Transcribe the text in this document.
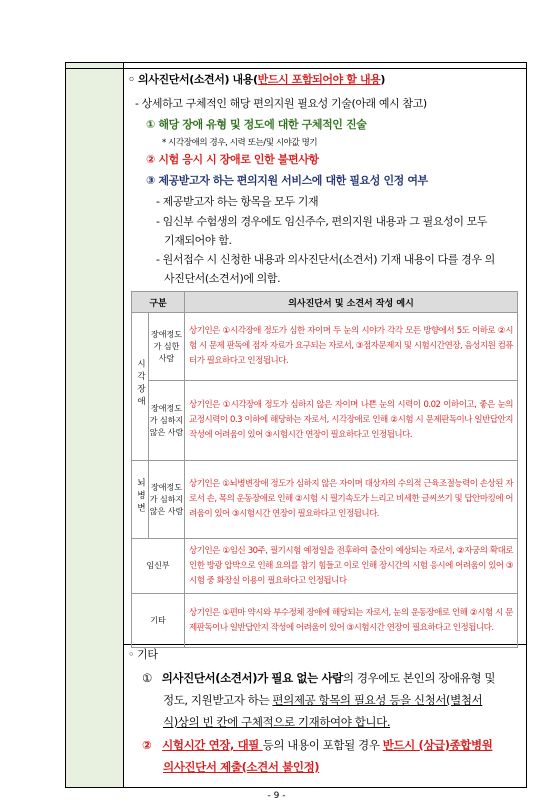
◦ 의사진단서(소견서) 내용(반드시 포함되어야 할 내용)
- 상세하고 구체적인 해당 편의지원 필요성 기술(아래 예시 참고)
① 해당 장애 유형 및 정도에 대한 구체적인 진술
* 시각장애의 경우, 시력 또는/및 시야값 명기
② 시험 응시 시 장애로 인한 불편사항
③ 제공받고자 하는 편의지원 서비스에 대한 필요성 인정 여부
- 제공받고자 하는 항목을 모두 기재
- 임신부 수험생의 경우에도 임신주수, 편의지원 내용과 그 필요성이 모두
기재되어야 함.
- 원서접수 시 신청한 내용과 의사진단서(소견서) 기재 내용이 다를 경우 의
사진단서(소견서)에 의함.
구분		의사진단서 및 소견서 작성 예시
시각장애	장애정도가 심한 사람	상기인은 ①시각장애 정도가 심한 자이며 두 눈의 시야가 각각 모든 방향에서 5도 이하로 ②시험 시 문제 판독에 점자 자료가 요구되는 자로서, ③점자문제지 및 시험시간연장, 음성지원 컴퓨터가 필요하다고 인정됩니다.
	장애정도가 심하지 않은 사람	상기인은 ①시각장애 정도가 심하지 않은 자이며 나쁜 눈의 시력이 0.02 이하이고, 좋은 눈의 교정시력이 0.3 이하에 해당하는 자로서, 시각장애로 인해 ②시험 시 문제판독이나 일반답안지 작성에 어려움이 있어 ③시험시간 연장이 필요하다고 인정됩니다.
뇌병변	장애정도가 심하지 않은 사람	상기인은 ①뇌병변장애 정도가 심하지 않은 자이며 대상자의 수의적 근육조절능력이 손상된 자로서 손, 목의 운동장애로 인해 ②시험 시 필기속도가 느리고 비세한 글씨쓰기 및 답안마킹에 어려움이 있어 ③시험시간 연장이 필요하다고 인정됩니다.
임신부		상기인은 ①임신 30주, 필기시험 예정일을 전후하여 출산이 예상되는 자로서, ②자궁의 확대로 인한 방광 압박으로 인해 요의를 참기 힘들고 이로 인해 장시간의 시험 응시에 어려움이 있어 ③시험 중 화장실 이용이 필요하다고 인정됩니다
기타		상기인은 ①편마 약시와 부수정체 장애에 해당되는 자로서, 눈의 운동장애로 인해 ②시험 시 문제판독이나 일반답안지 작성에 어려움이 있어 ③시험시간 연장이 필요하다고 인정됩니다.
◦ 기타
① 의사진단서(소견서)가 필요 없는 사람의 경우에도 본인의 장애유형 및
정도, 지원받고자 하는 편의제공 항목의 필요성 등을 신청서(별첨서
식)상의 빈 칸에 구체적으로 기재하여야 합니다.
② 시험시간 연장, 대필 등의 내용이 포함될 경우 반드시 (상급)종합병원
의사진단서 제출(소견서 불인정)
- 9 -
